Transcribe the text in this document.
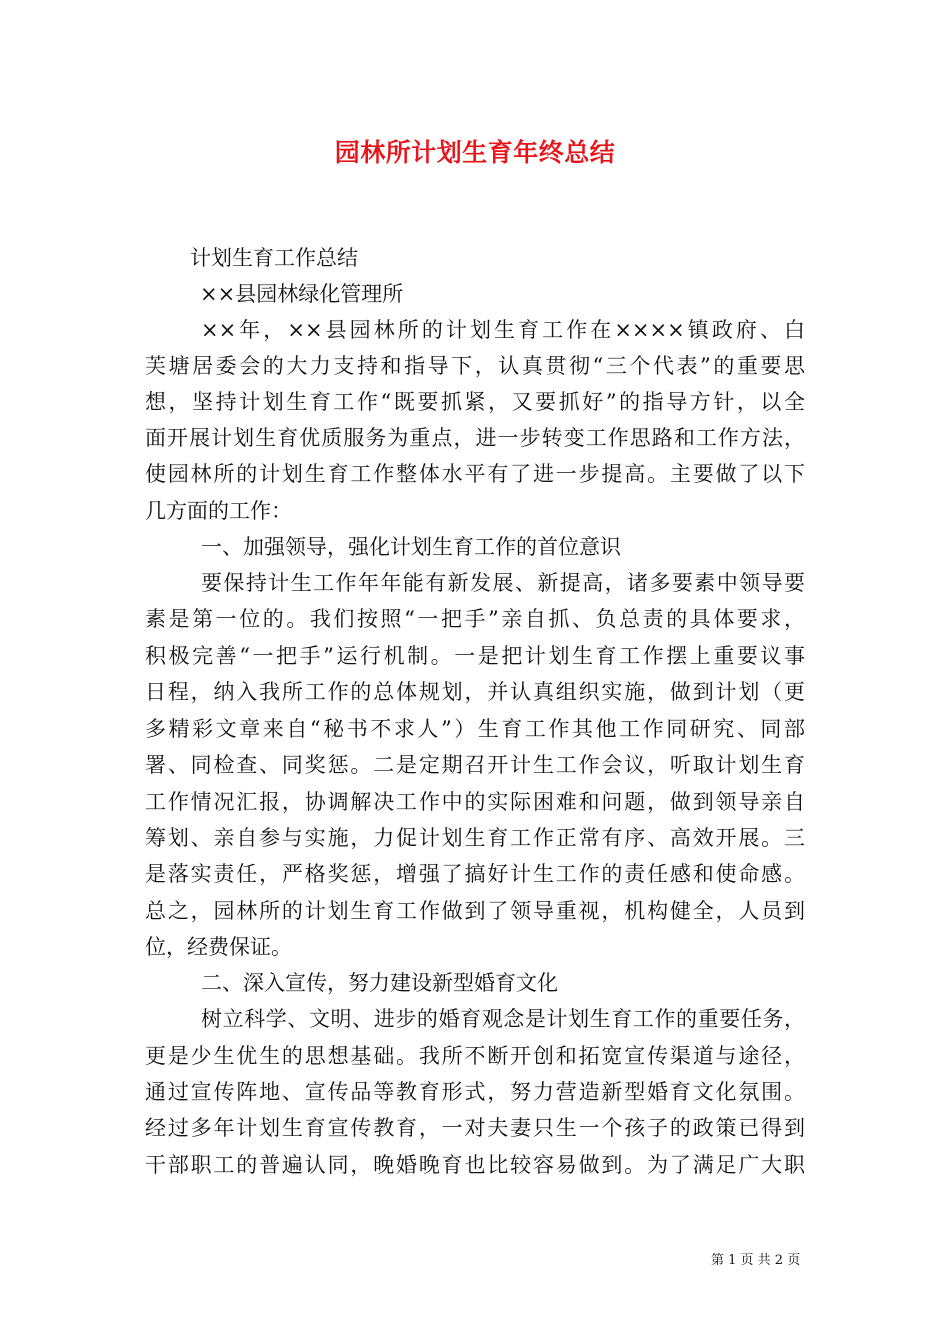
园林所计划生育年终总结
计划生育工作总结
××县园林绿化管理所
××年，××县园林所的计划生育工作在××××镇政府、白
芙塘居委会的大力支持和指导下，认真贯彻“三个代表”的重要思
想，坚持计划生育工作“既要抓紧，又要抓好”的指导方针，以全
面开展计划生育优质服务为重点，进一步转变工作思路和工作方法，
使园林所的计划生育工作整体水平有了进一步提高。主要做了以下
几方面的工作：
一、加强领导，强化计划生育工作的首位意识
要保持计生工作年年能有新发展、新提高，诸多要素中领导要
素是第一位的。我们按照“一把手”亲自抓、负总责的具体要求，
积极完善“一把手”运行机制。一是把计划生育工作摆上重要议事
日程，纳入我所工作的总体规划，并认真组织实施，做到计划（更
多精彩文章来自“秘书不求人”）生育工作其他工作同研究、同部
署、同检查、同奖惩。二是定期召开计生工作会议，听取计划生育
工作情况汇报，协调解决工作中的实际困难和问题，做到领导亲自
筹划、亲自参与实施，力促计划生育工作正常有序、高效开展。三
是落实责任，严格奖惩，增强了搞好计生工作的责任感和使命感。
总之，园林所的计划生育工作做到了领导重视，机构健全，人员到
位，经费保证。
二、深入宣传，努力建设新型婚育文化
树立科学、文明、进步的婚育观念是计划生育工作的重要任务，
更是少生优生的思想基础。我所不断开创和拓宽宣传渠道与途径，
通过宣传阵地、宣传品等教育形式，努力营造新型婚育文化氛围。
经过多年计划生育宣传教育，一对夫妻只生一个孩子的政策已得到
干部职工的普遍认同，晚婚晚育也比较容易做到。为了满足广大职
第 1 页 共 2 页
